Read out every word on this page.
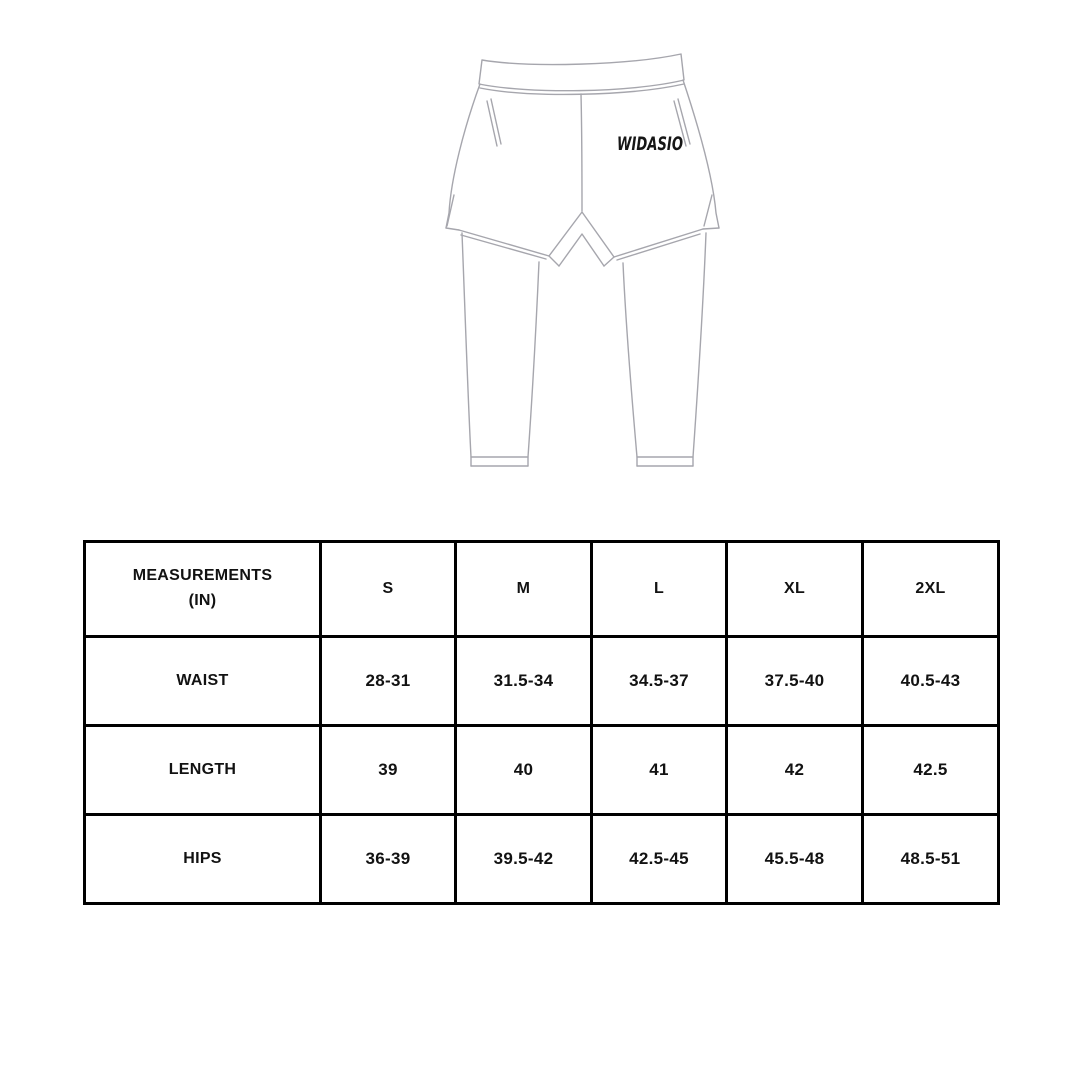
WIDASIO
MEASUREMENTS
(IN)	S	M	L	XL	2XL
WAIST	28-31	31.5-34	34.5-37	37.5-40	40.5-43
LENGTH	39	40	41	42	42.5
HIPS	36-39	39.5-42	42.5-45	45.5-48	48.5-51
